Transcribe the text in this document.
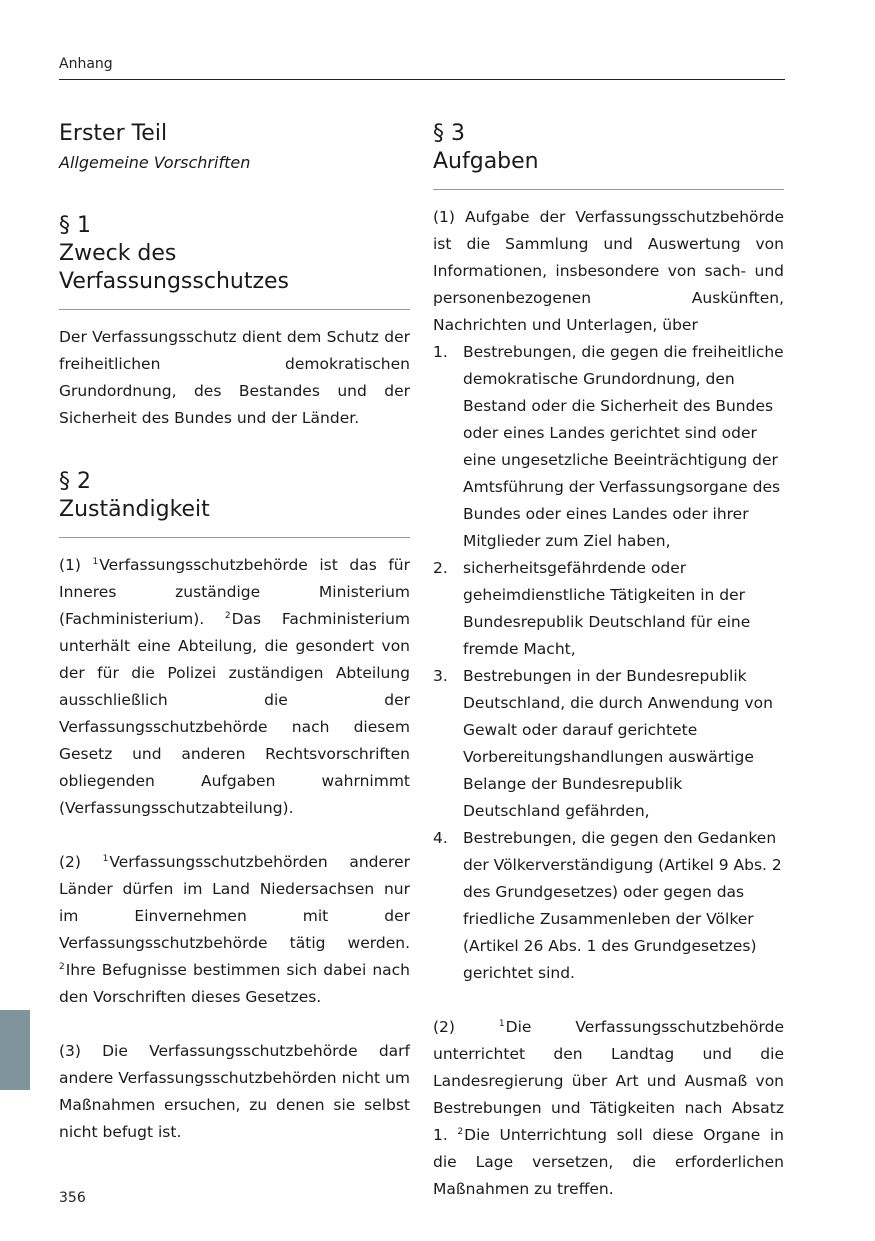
Anhang
Erster Teil
Allgemeine Vorschriften
§ 1
Zweck des Verfassungsschutzes

Der Verfassungsschutz dient dem Schutz der freiheitlichen demokratischen Grundordnung, des Bestandes und der Sicherheit des Bundes und der Länder.

§ 2
Zuständigkeit

(1) $^1$Verfassungsschutzbehörde ist das für Inneres zuständige Ministerium (Fachministerium). $^2$Das Fachministerium unterhält eine Abteilung, die gesondert von der für die Polizei zuständigen Abteilung ausschließlich die der Verfassungsschutzbehörde nach diesem Gesetz und anderen Rechtsvorschriften obliegenden Aufgaben wahrnimmt (Verfassungsschutzabteilung).

(2) $^1$Verfassungsschutzbehörden anderer Länder dürfen im Land Niedersachsen nur im Einvernehmen mit der Verfassungsschutzbehörde tätig werden. $^2$Ihre Befugnisse bestimmen sich dabei nach den Vorschriften dieses Gesetzes.

(3) Die Verfassungsschutzbehörde darf andere Verfassungsschutzbehörden nicht um Maßnahmen ersuchen, zu denen sie selbst nicht befugt ist.

§ 3
Aufgaben

(1) Aufgabe der Verfassungsschutzbehörde ist die Sammlung und Auswertung von Informationen, insbesondere von sach- und personenbezogenen Auskünften, Nachrichten und Unterlagen, über

1. Bestrebungen, die gegen die freiheitliche demokratische Grundordnung, den Bestand oder die Sicherheit des Bundes oder eines Landes gerichtet sind oder eine ungesetzliche Beeinträchtigung der Amtsführung der Verfassungsorgane des Bundes oder eines Landes oder ihrer Mitglieder zum Ziel haben,
2. sicherheitsgefährdende oder geheimdienstliche Tätigkeiten in der Bundesrepublik Deutschland für eine fremde Macht,
3. Bestrebungen in der Bundesrepublik Deutschland, die durch Anwendung von Gewalt oder darauf gerichtete Vorbereitungshandlungen auswärtige Belange der Bundesrepublik Deutschland gefährden,
4. Bestrebungen, die gegen den Gedanken der Völkerverständigung (Artikel 9 Abs. 2 des Grundgesetzes) oder gegen das friedliche Zusammenleben der Völker (Artikel 26 Abs. 1 des Grundgesetzes) gerichtet sind.

(2) $^1$Die Verfassungsschutzbehörde unterrichtet den Landtag und die Landesregierung über Art und Ausmaß von Bestrebungen und Tätigkeiten nach Absatz 1. $^2$Die Unterrichtung soll diese Organe in die Lage versetzen, die erforderlichen Maßnahmen zu treffen.

356
